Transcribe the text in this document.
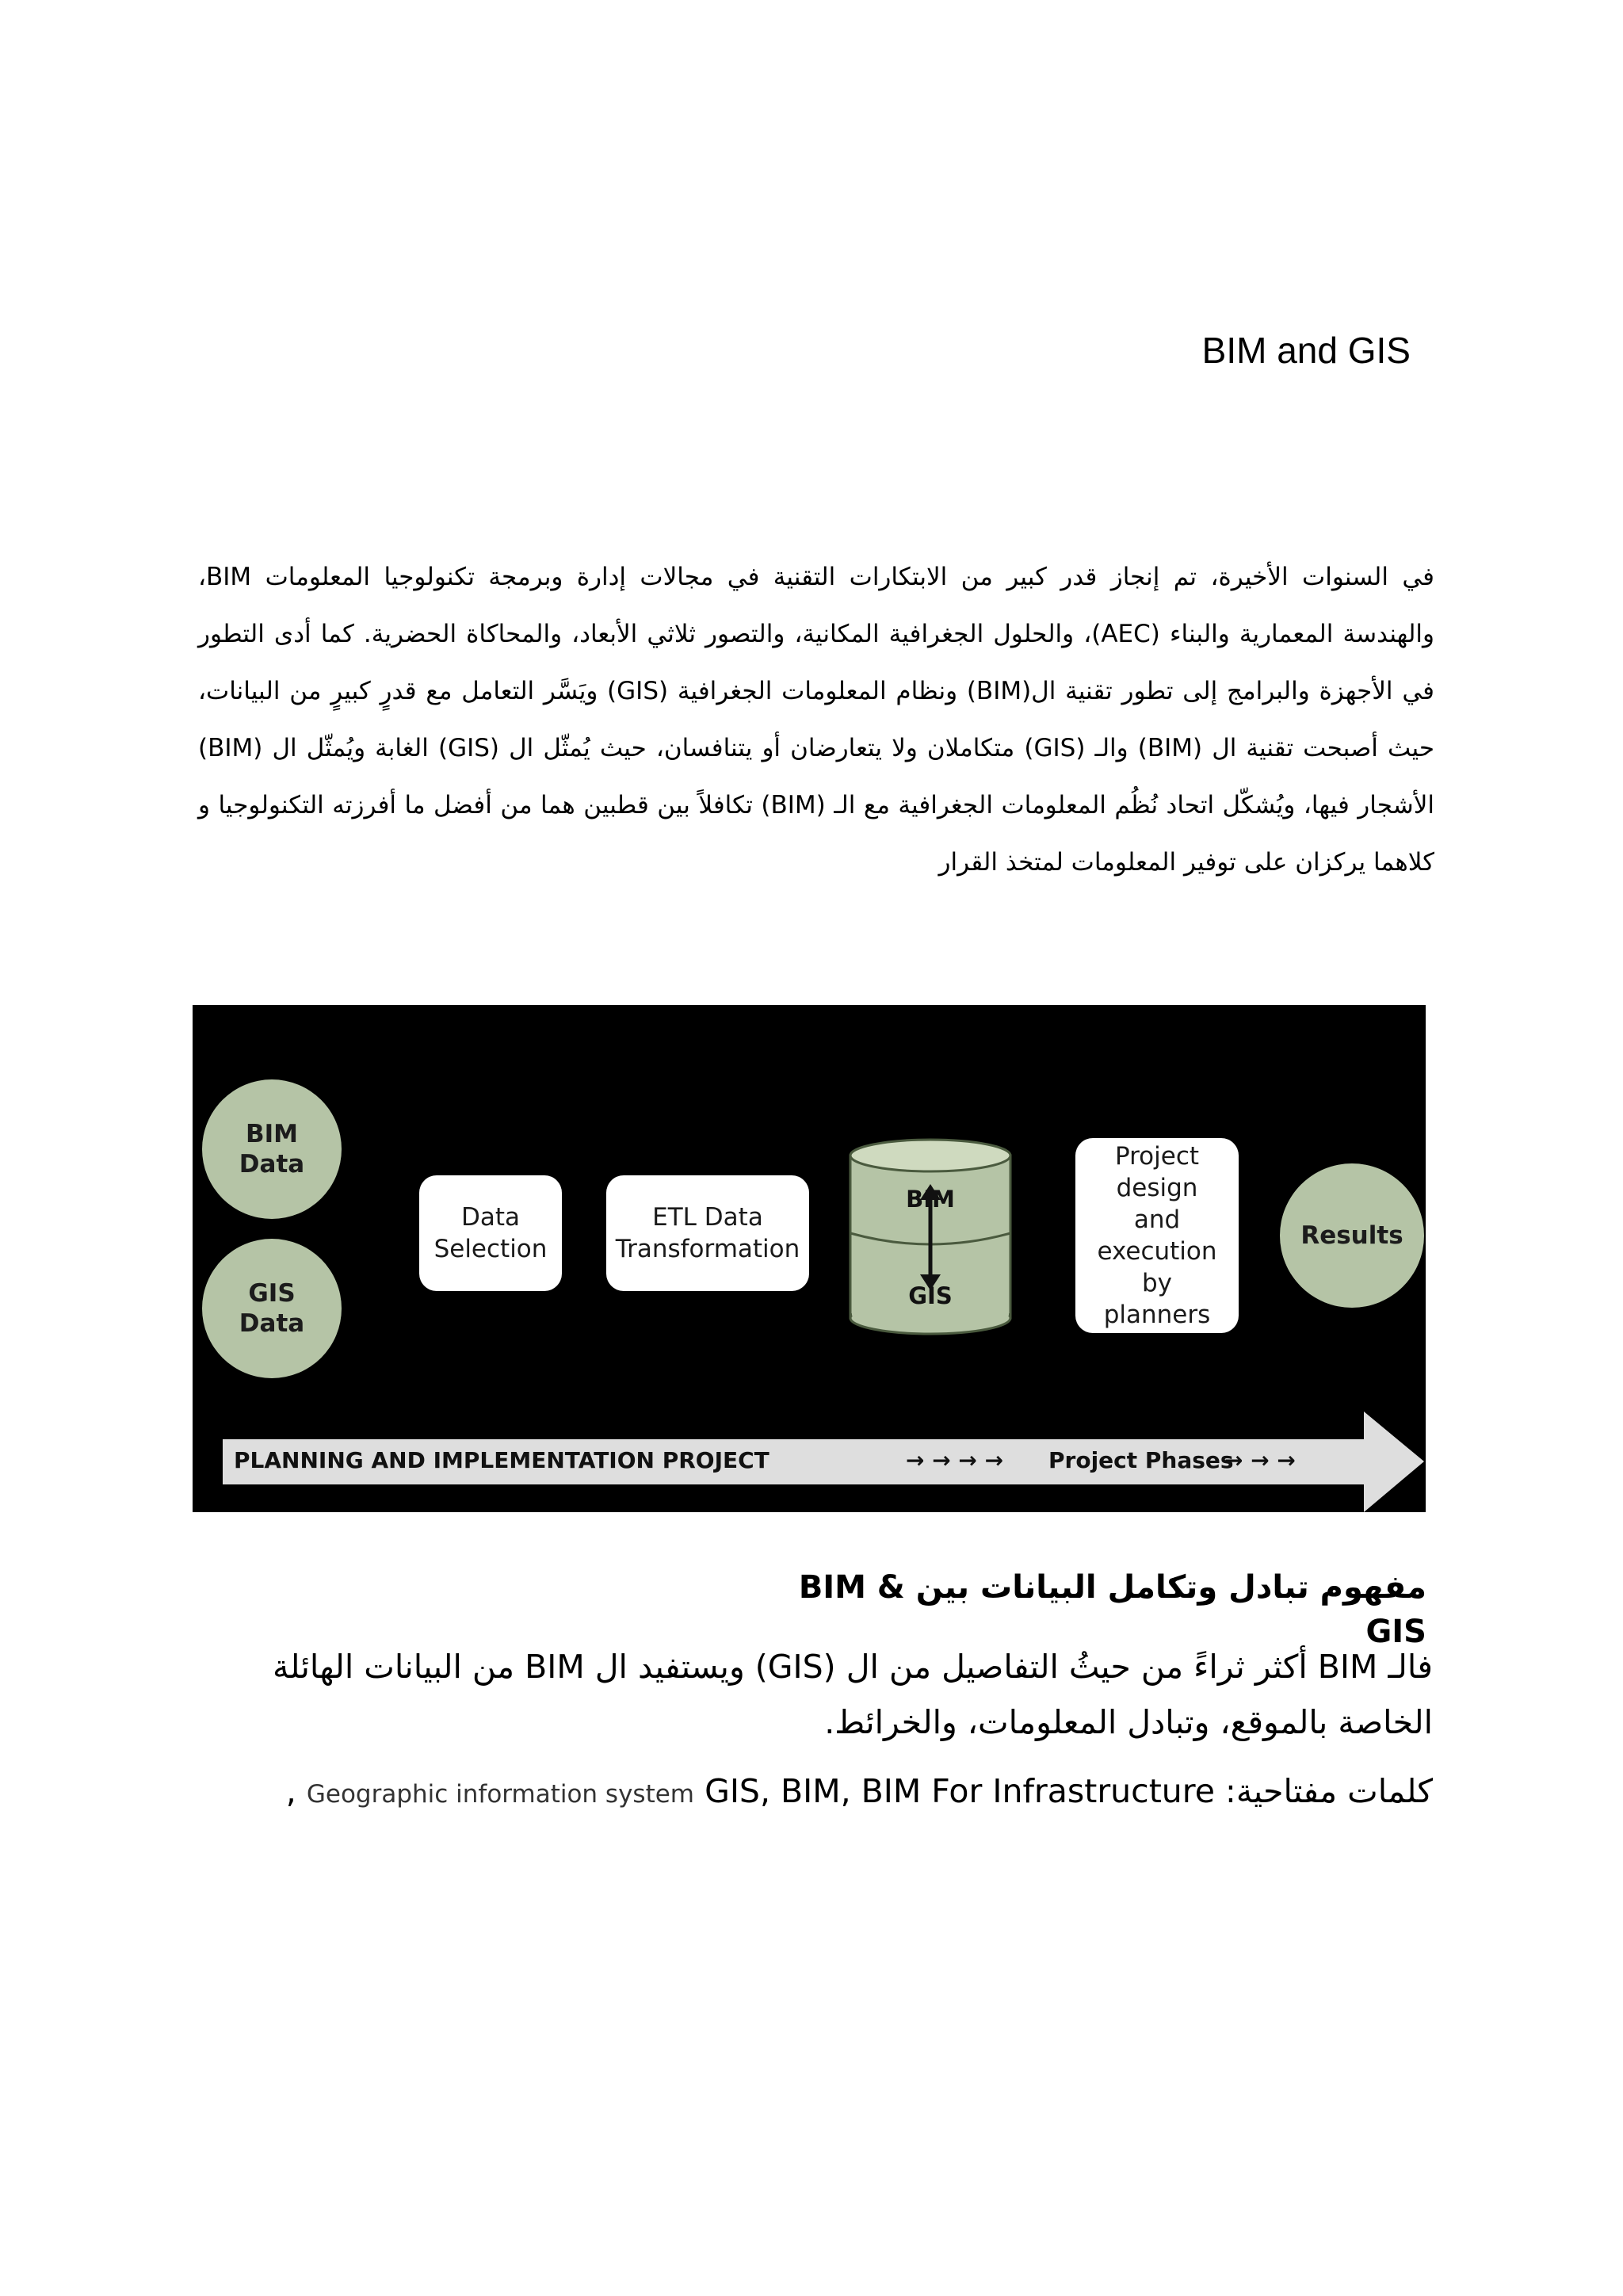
BIM and GIS

في السنوات الأخيرة، تم إنجاز قدر كبير من الابتكارات التقنية في مجالات إدارة وبرمجة تكنولوجيا المعلومات BIM، والهندسة المعمارية والبناء (AEC)، والحلول الجغرافية المكانية، والتصور ثلاثي الأبعاد، والمحاكاة الحضرية. كما أدى التطور في الأجهزة والبرامج إلى تطور تقنية ال(BIM) ونظام المعلومات الجغرافية (GIS) ويَسَّر التعامل مع قدرٍ كبيرٍ من البيانات، حيث أصبحت تقنية ال (BIM) والـ (GIS) متكاملان ولا يتعارضان أو يتنافسان، حيث يُمثّل ال (GIS) الغابة ويُمثّل ال (BIM) الأشجار فيها، ويُشكّل اتحاد نُظُم المعلومات الجغرافية مع الـ (BIM) تكافلاً بين قطبين هما من أفضل ما أفرزته التكنولوجيا و كلاهما يركزان على توفير المعلومات لمتخذ القرار

BIM Data
GIS Data
Data Selection
ETL Data Transformation
BIM
GIS
Project design and execution by planners
Results
PLANNING AND IMPLEMENTATION PROJECT	→ → → → Project Phases
→ → →
مفهوم تبادل وتكامل البيانات بين BIM & GIS

فالـ BIM أكثر ثراءً من حيثُ التفاصيل من ال (GIS) ويستفيد ال BIM من البيانات الهائلة الخاصة بالموقع، وتبادل المعلومات، والخرائط.

كلمات مفتاحية: Geographic information system GIS, BIM, BIM For Infrastructure ,
